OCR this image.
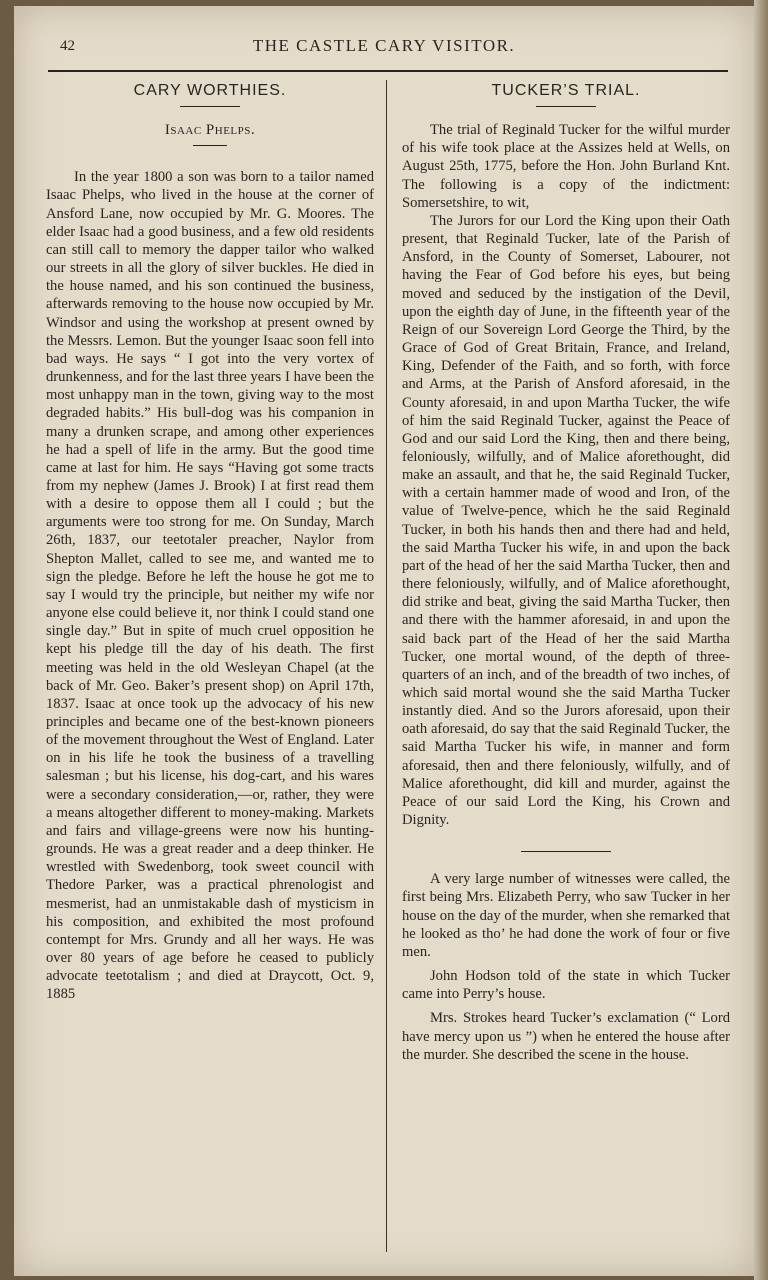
42	THE CASTLE CARY VISITOR.
CARY WORTHIES.
Isaac Phelps.

In the year 1800 a son was born to a tailor named Isaac Phelps, who lived in the house at the corner of Ansford Lane, now occupied by Mr. G. Moores. The elder Isaac had a good business, and a few old residents can still call to memory the dapper tailor who walked our streets in all the glory of silver buckles. He died in the house named, and his son continued the business, afterwards removing to the house now occupied by Mr. Windsor and using the workshop at present owned by the Messrs. Lemon. But the younger Isaac soon fell into bad ways. He says “ I got into the very vortex of drunkenness, and for the last three years I have been the most unhappy man in the town, giving way to the most degraded habits.” His bull-dog was his companion in many a drunken scrape, and among other experiences he had a spell of life in the army. But the good time came at last for him. He says “Having got some tracts from my nephew (James J. Brook) I at first read them with a desire to oppose them all I could ; but the arguments were too strong for me. On Sunday, March 26th, 1837, our teetotaler preacher, Naylor from Shepton Mallet, called to see me, and wanted me to sign the pledge. Before he left the house he got me to say I would try the principle, but neither my wife nor anyone else could believe it, nor think I could stand one single day.” But in spite of much cruel opposition he kept his pledge till the day of his death. The first meeting was held in the old Wesleyan Chapel (at the back of Mr. Geo. Baker’s present shop) on April 17th, 1837. Isaac at once took up the advocacy of his new principles and became one of the best-known pioneers of the movement throughout the West of England. Later on in his life he took the business of a travelling salesman ; but his license, his dog-cart, and his wares were a secondary consideration,—or, rather, they were a means altogether different to money-making. Markets and fairs and village-greens were now his hunting-grounds. He was a great reader and a deep thinker. He wrestled with Swedenborg, took sweet council with Thedore Parker, was a practical phrenologist and mesmerist, had an unmistakable dash of mysticism in his composition, and exhibited the most profound contempt for Mrs. Grundy and all her ways. He was over 80 years of age before he ceased to publicly advocate teetotalism ; and died at Draycott, Oct. 9, 1885

TUCKER’S TRIAL.

The trial of Reginald Tucker for the wilful murder of his wife took place at the Assizes held at Wells, on August 25th, 1775, before the Hon. John Burland Knt. The following is a copy of the indictment: Somersetshire, to wit,

The Jurors for our Lord the King upon their Oath present, that Reginald Tucker, late of the Parish of Ansford, in the County of Somerset, Labourer, not having the Fear of God before his eyes, but being moved and seduced by the instigation of the Devil, upon the eighth day of June, in the fifteenth year of the Reign of our Sovereign Lord George the Third, by the Grace of God of Great Britain, France, and Ireland, King, Defender of the Faith, and so forth, with force and Arms, at the Parish of Ansford aforesaid, in the County aforesaid, in and upon Martha Tucker, the wife of him the said Reginald Tucker, against the Peace of God and our said Lord the King, then and there being, feloniously, wilfully, and of Malice aforethought, did make an assault, and that he, the said Reginald Tucker, with a certain hammer made of wood and Iron, of the value of Twelve-pence, which he the said Reginald Tucker, in both his hands then and there had and held, the said Martha Tucker his wife, in and upon the back part of the head of her the said Martha Tucker, then and there feloniously, wilfully, and of Malice aforethought, did strike and beat, giving the said Martha Tucker, then and there with the hammer aforesaid, in and upon the said back part of the Head of her the said Martha Tucker, one mortal wound, of the depth of three-quarters of an inch, and of the breadth of two inches, of which said mortal wound she the said Martha Tucker instantly died. And so the Jurors aforesaid, upon their oath aforesaid, do say that the said Reginald Tucker, the said Martha Tucker his wife, in manner and form aforesaid, then and there feloniously, wilfully, and of Malice aforethought, did kill and murder, against the Peace of our said Lord the King, his Crown and Dignity.

A very large number of witnesses were called, the first being Mrs. Elizabeth Perry, who saw Tucker in her house on the day of the murder, when she remarked that he looked as tho’ he had done the work of four or five men.

John Hodson told of the state in which Tucker came into Perry’s house.

Mrs. Strokes heard Tucker’s exclamation (“ Lord have mercy upon us ”) when he entered the house after the murder. She described the scene in the house.
